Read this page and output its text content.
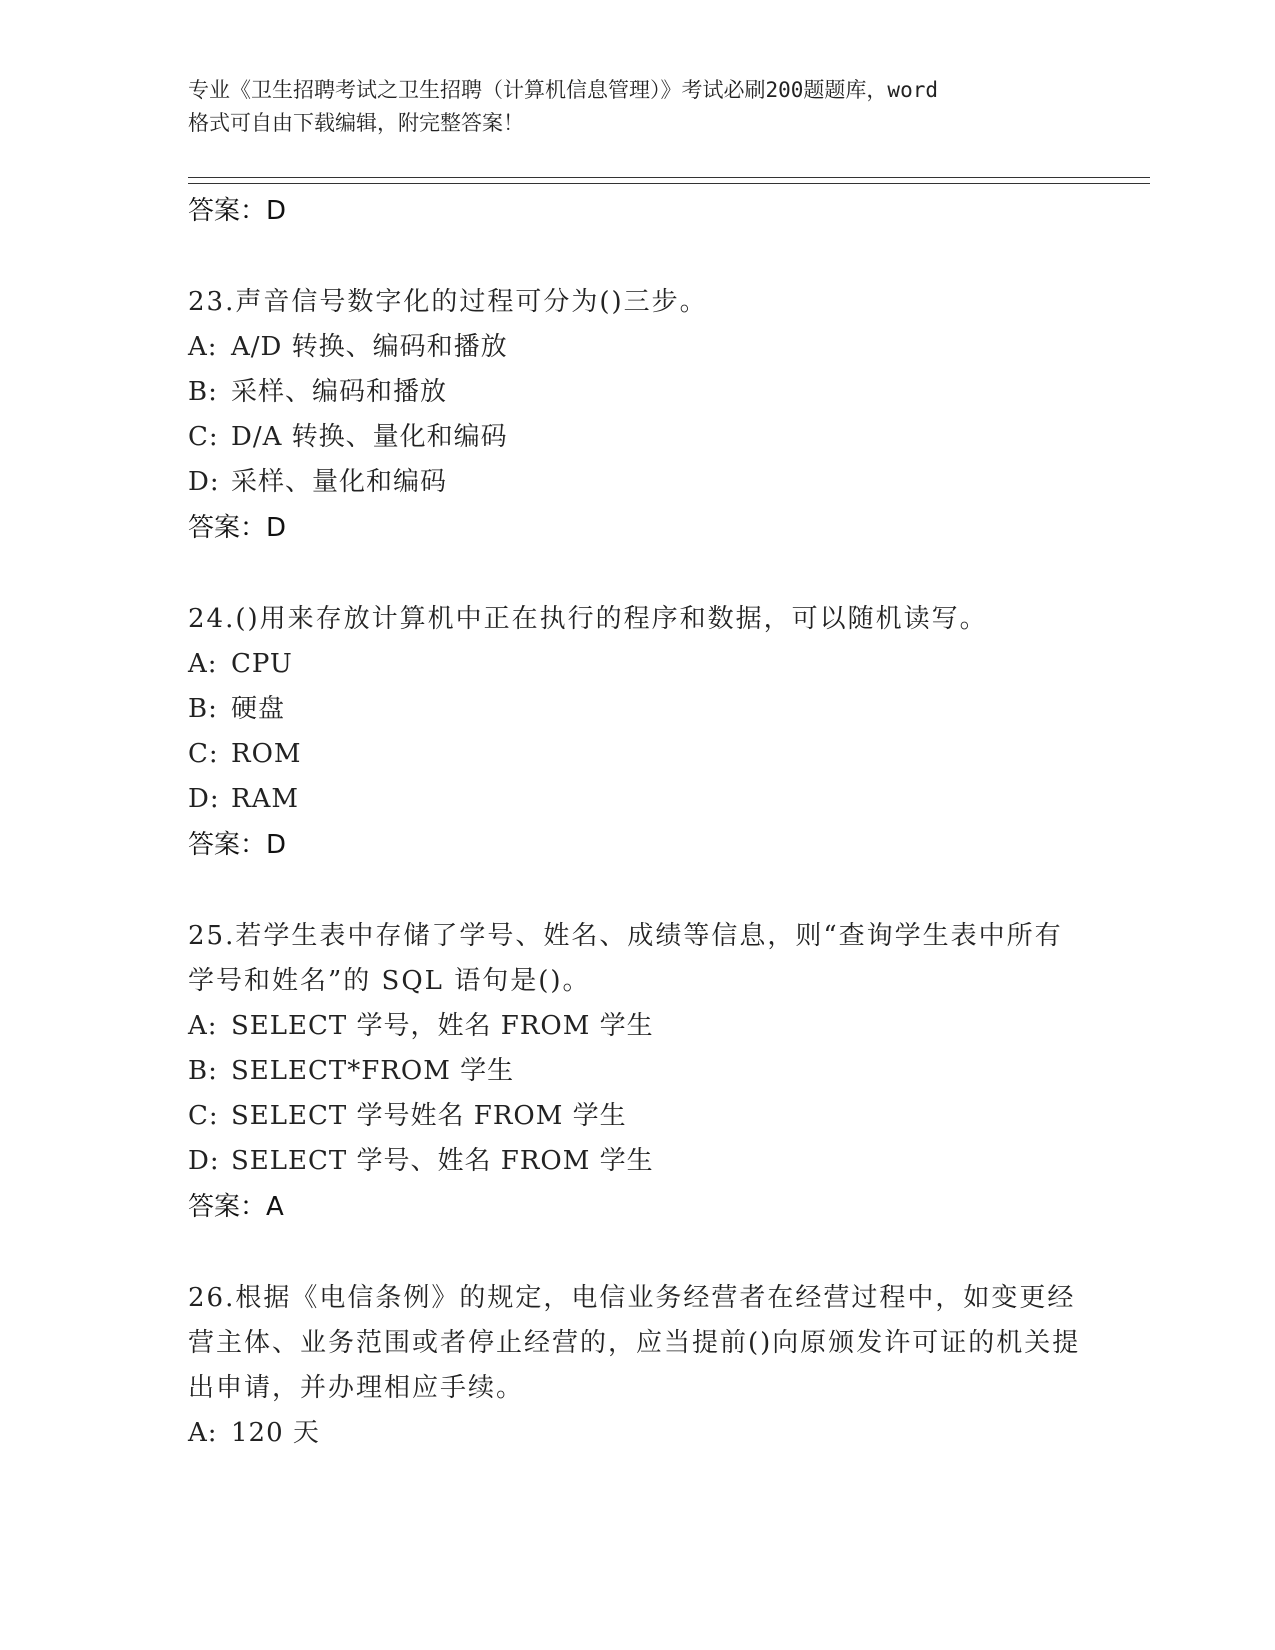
专业《卫生招聘考试之卫生招聘（计算机信息管理）》考试必刷200题题库，word
格式可自由下载编辑，附完整答案！
答案：D
23.声音信号数字化的过程可分为()三步。
A: A/D 转换、编码和播放
B: 采样、编码和播放
C: D/A 转换、量化和编码
D: 采样、量化和编码
答案：D
24.()用来存放计算机中正在执行的程序和数据，可以随机读写。
A: CPU
B: 硬盘
C: ROM
D: RAM
答案：D
25.若学生表中存储了学号、姓名、成绩等信息，则“查询学生表中所有学号和姓名”的 SQL 语句是()。
A: SELECT 学号，姓名 FROM 学生
B: SELECT*FROM 学生
C: SELECT 学号姓名 FROM 学生
D: SELECT 学号、姓名 FROM 学生
答案：A
26.根据《电信条例》的规定，电信业务经营者在经营过程中，如变更经营主体、业务范围或者停止经营的，应当提前()向原颁发许可证的机关提出申请，并办理相应手续。
A: 120 天
